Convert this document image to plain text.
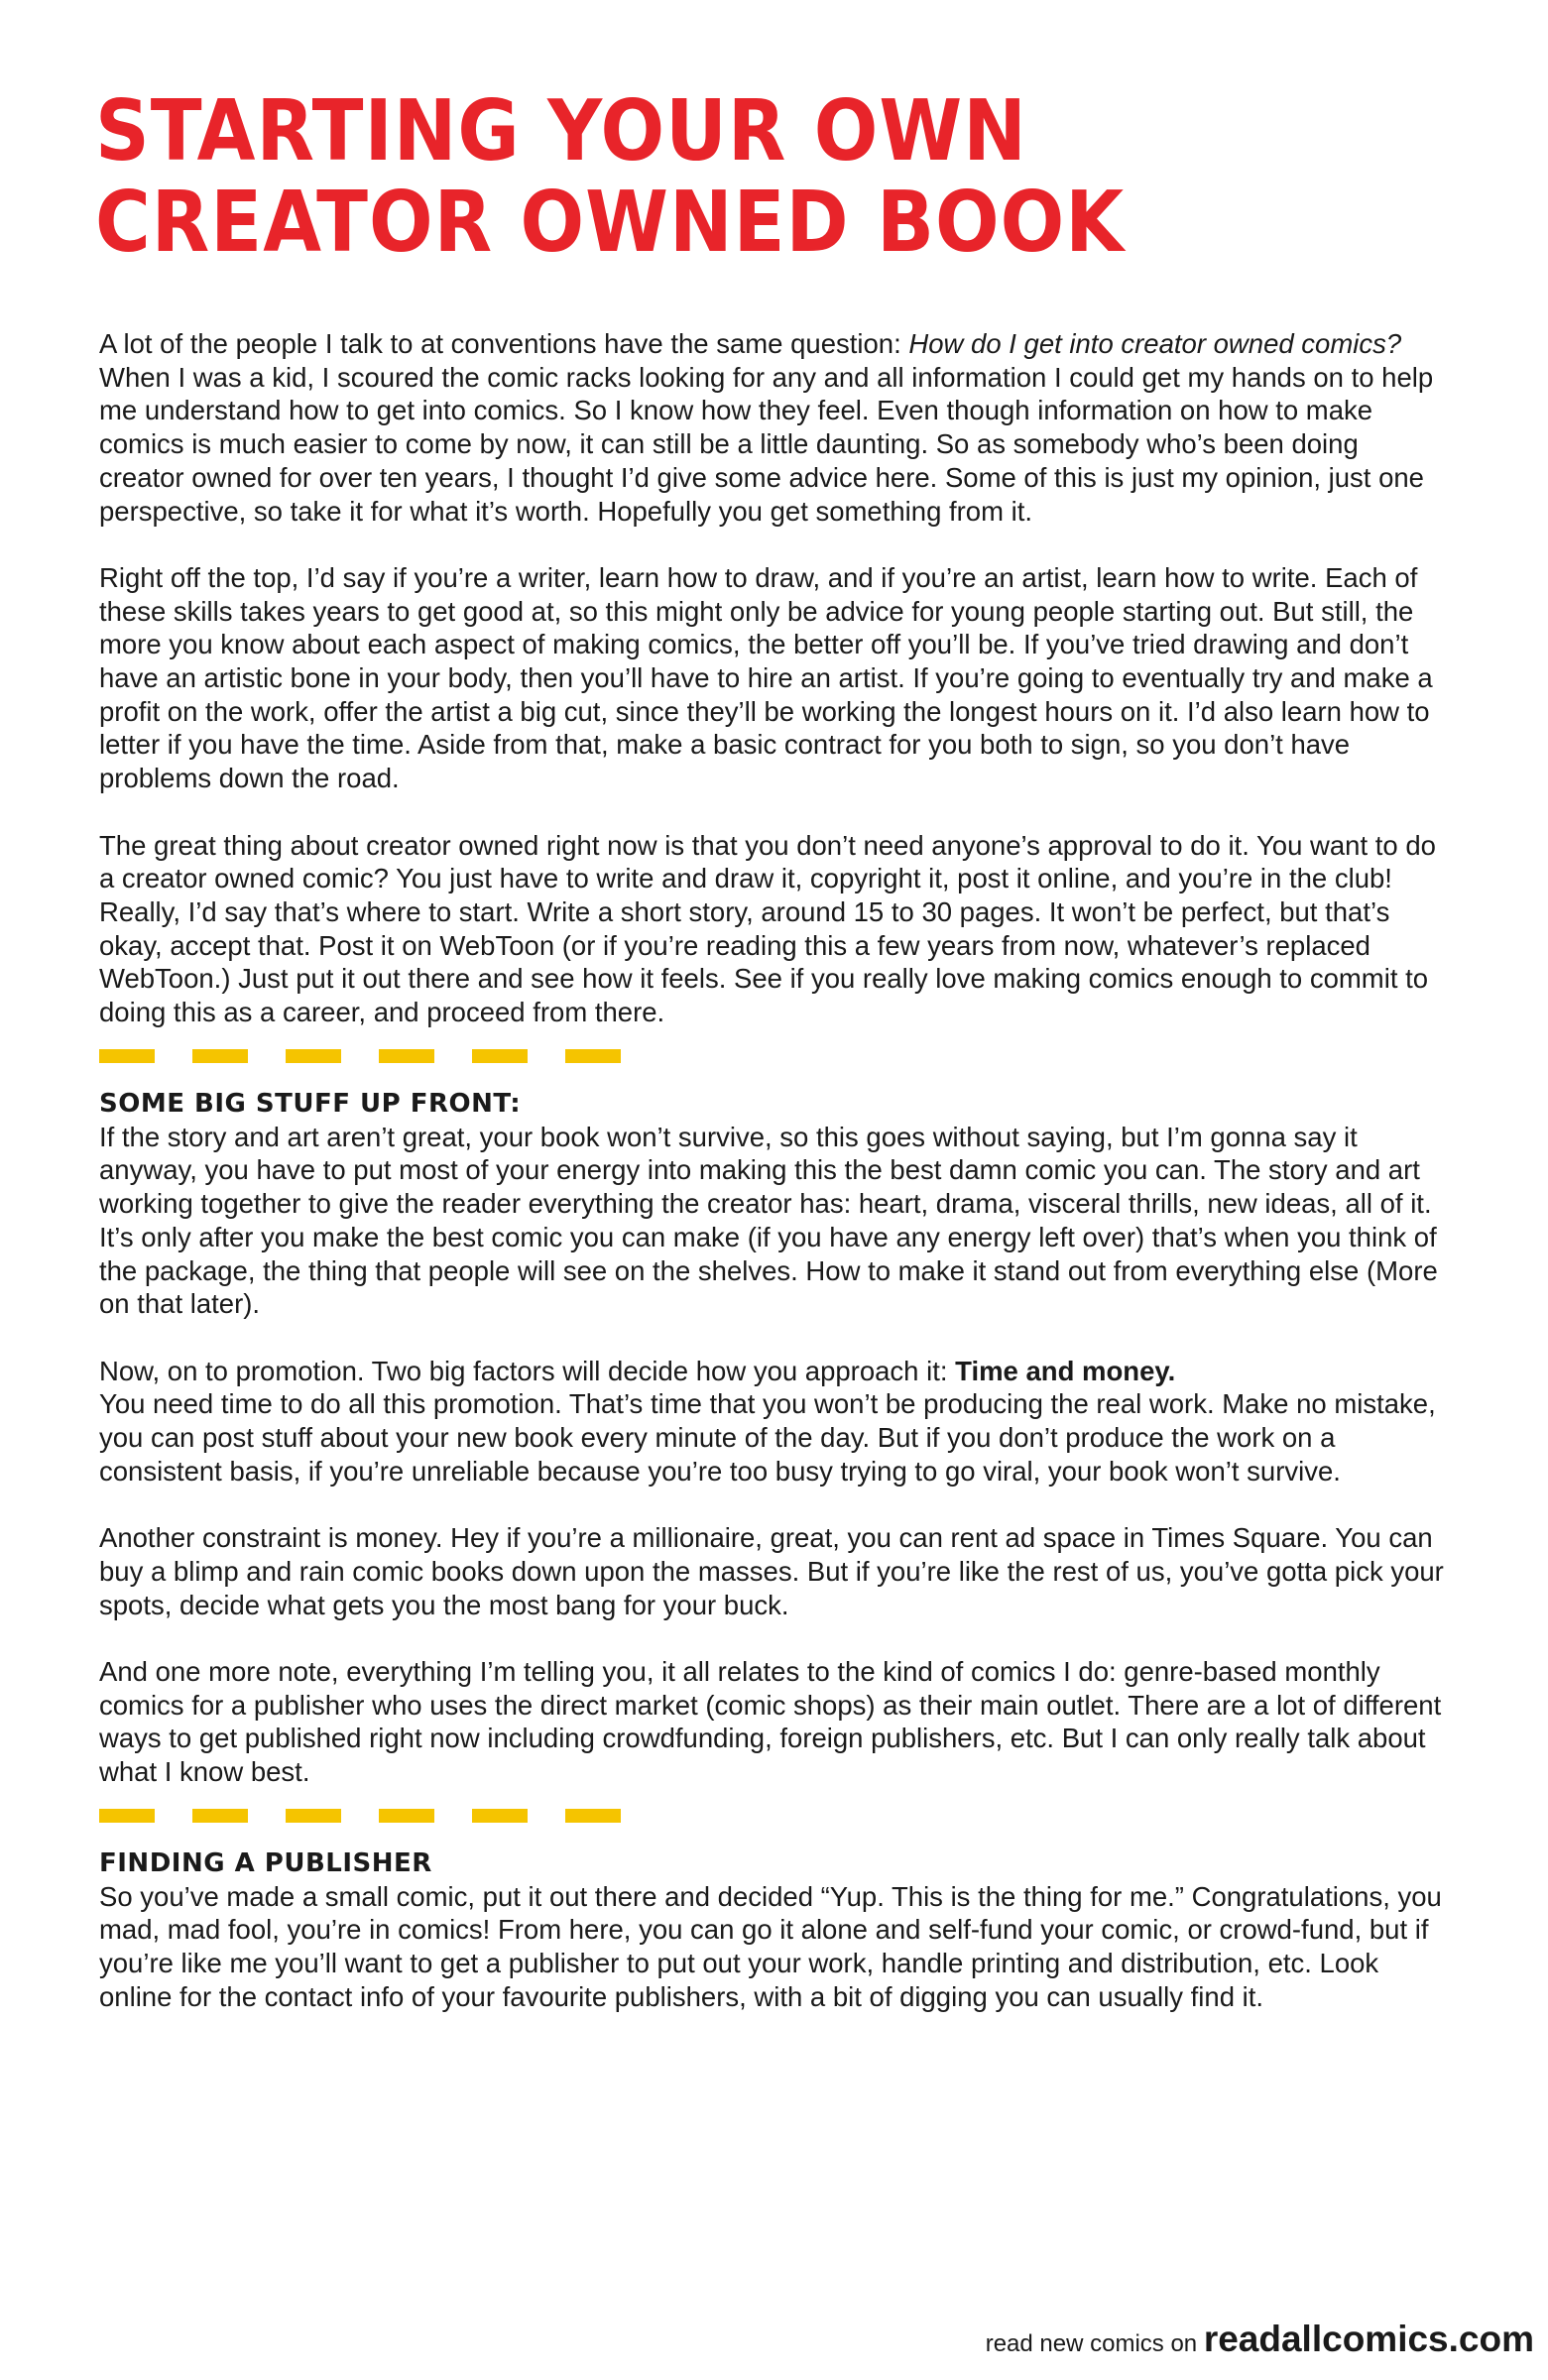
STARTING YOUR OWN
CREATOR OWNED BOOK

A lot of the people I talk to at conventions have the same question: How do I get into creator owned comics? When I was a kid, I scoured the comic racks looking for any and all information I could get my hands on to help me understand how to get into comics. So I know how they feel. Even though information on how to make comics is much easier to come by now, it can still be a little daunting. So as somebody who’s been doing creator owned for over ten years, I thought I’d give some advice here. Some of this is just my opinion, just one perspective, so take it for what it’s worth. Hopefully you get something from it.

Right off the top, I’d say if you’re a writer, learn how to draw, and if you’re an artist, learn how to write. Each of these skills takes years to get good at, so this might only be advice for young people starting out. But still, the more you know about each aspect of making comics, the better off you’ll be. If you’ve tried drawing and don’t have an artistic bone in your body, then you’ll have to hire an artist. If you’re going to eventually try and make a profit on the work, offer the artist a big cut, since they’ll be working the longest hours on it. I’d also learn how to letter if you have the time. Aside from that, make a basic contract for you both to sign, so you don’t have problems down the road.

The great thing about creator owned right now is that you don’t need anyone’s approval to do it. You want to do a creator owned comic? You just have to write and draw it, copyright it, post it online, and you’re in the club! Really, I’d say that’s where to start. Write a short story, around 15 to 30 pages. It won’t be perfect, but that’s okay, accept that. Post it on WebToon (or if you’re reading this a few years from now, whatever’s replaced WebToon.) Just put it out there and see how it feels. See if you really love making comics enough to commit to doing this as a career, and proceed from there.

SOME BIG STUFF UP FRONT:

If the story and art aren’t great, your book won’t survive, so this goes without saying, but I’m gonna say it anyway, you have to put most of your energy into making this the best damn comic you can. The story and art working together to give the reader everything the creator has: heart, drama, visceral thrills, new ideas, all of it. It’s only after you make the best comic you can make (if you have any energy left over) that’s when you think of the package, the thing that people will see on the shelves. How to make it stand out from everything else (More on that later).

Now, on to promotion. Two big factors will decide how you approach it: Time and money.
You need time to do all this promotion. That’s time that you won’t be producing the real work. Make no mistake, you can post stuff about your new book every minute of the day. But if you don’t produce the work on a consistent basis, if you’re unreliable because you’re too busy trying to go viral, your book won’t survive.

Another constraint is money. Hey if you’re a millionaire, great, you can rent ad space in Times Square. You can buy a blimp and rain comic books down upon the masses. But if you’re like the rest of us, you’ve gotta pick your spots, decide what gets you the most bang for your buck.

And one more note, everything I’m telling you, it all relates to the kind of comics I do: genre-based monthly comics for a publisher who uses the direct market (comic shops) as their main outlet. There are a lot of different ways to get published right now including crowdfunding, foreign publishers, etc. But I can only really talk about what I know best.

FINDING A PUBLISHER

So you’ve made a small comic, put it out there and decided “Yup. This is the thing for me.” Congratulations, you mad, mad fool, you’re in comics! From here, you can go it alone and self-fund your comic, or crowd-fund, but if you’re like me you’ll want to get a publisher to put out your work, handle printing and distribution, etc. Look online for the contact info of your favourite publishers, with a bit of digging you can usually find it.

read new comics on readallcomics.com
